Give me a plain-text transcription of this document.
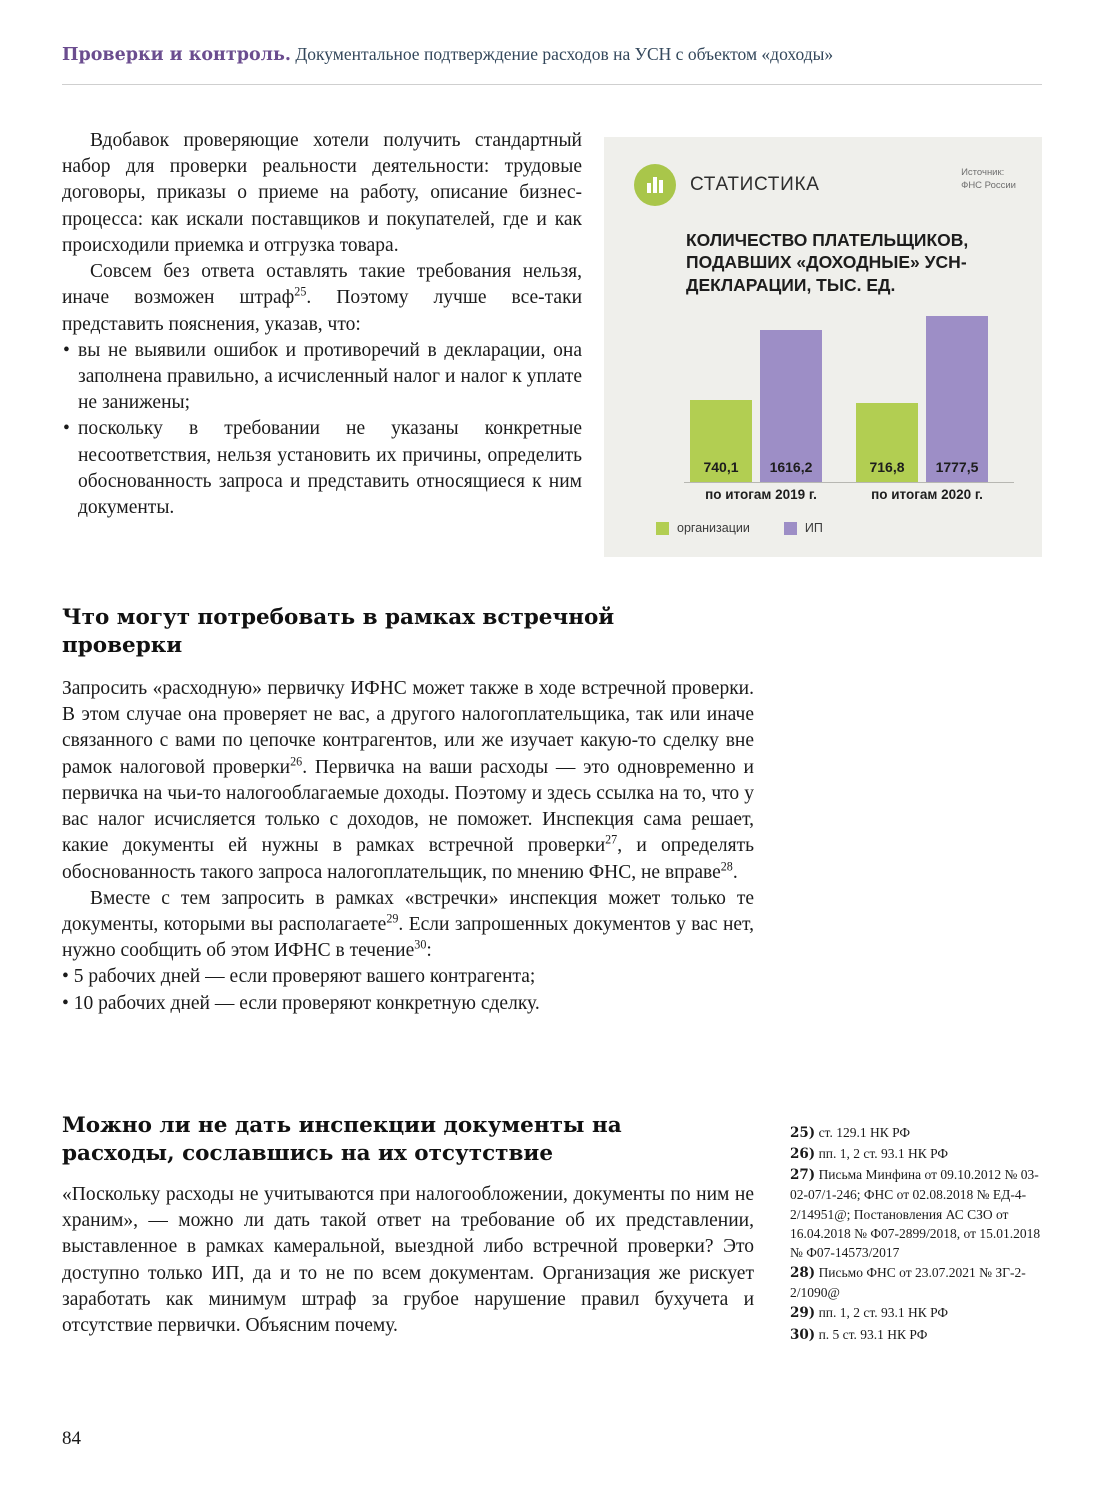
Проверки и контроль. Документальное подтверждение расходов на УСН с объектом «доходы»

Вдобавок проверяющие хотели получить стандартный набор для проверки реальности деятельности: трудовые договоры, приказы о приеме на работу, описание бизнес-процесса: как искали поставщиков и покупателей, где и как происходили приемка и отгрузка товара.

Совсем без ответа оставлять такие требования нельзя, иначе возможен штраф$^{25}$. Поэтому лучше все-таки представить пояснения, указав, что:

• вы не выявили ошибок и противоречий в декларации, она заполнена правильно, а исчисленный налог и налог к уплате не занижены;
• поскольку в требовании не указаны конкретные несоответствия, нельзя установить их причины, определить обоснованность запроса и представить относящиеся к ним документы.
СТАТИСТИКА
Источник:
ФНС России
КОЛИЧЕСТВО ПЛАТЕЛЬЩИКОВ, ПОДАВШИХ «ДОХОДНЫЕ» УСН-ДЕКЛАРАЦИИ, ТЫС. ЕД.
740,1	1616,2	716,8	1777,5
по итогам 2019 г.	по итогам 2020 г.
организации	ИП
Что могут потребовать в рамках встречной проверки

Запросить «расходную» первичку ИФНС может также в ходе встречной проверки. В этом случае она проверяет не вас, а другого налогоплательщика, так или иначе связанного с вами по цепочке контрагентов, или же изучает какую-то сделку вне рамок налоговой проверки$^{26}$. Первичка на ваши расходы — это одновременно и первичка на чьи-то налогооблагаемые доходы. Поэтому и здесь ссылка на то, что у вас налог исчисляется только с доходов, не поможет. Инспекция сама решает, какие документы ей нужны в рамках встречной проверки$^{27}$, и определять обоснованность такого запроса налогоплательщик, по мнению ФНС, не вправе$^{28}$.

Вместе с тем запросить в рамках «встречки» инспекция может только те документы, которыми вы располагаете$^{29}$. Если запрошенных документов у вас нет, нужно сообщить об этом ИФНС в течение$^{30}$:

• 5 рабочих дней — если проверяют вашего контрагента;

• 10 рабочих дней — если проверяют конкретную сделку.

Можно ли не дать инспекции документы на расходы, сославшись на их отсутствие

«Поскольку расходы не учитываются при налогообложении, документы по ним не храним», — можно ли дать такой ответ на требование об их представлении, выставленное в рамках камеральной, выездной либо встречной проверки? Это доступно только ИП, да и то не по всем документам. Организация же рискует заработать как минимум штраф за грубое нарушение правил бухучета и отсутствие первички. Объясним почему.

25) ст. 129.1 НК РФ
26) пп. 1, 2 ст. 93.1 НК РФ
27) Письма Минфина от 09.10.2012 № 03-02-07/1-246; ФНС от 02.08.2018 № ЕД-4-2/14951@; Постановления АС СЗО от 16.04.2018 № Ф07-2899/2018, от 15.01.2018 № Ф07-14573/2017
28) Письмо ФНС от 23.07.2021 № ЗГ-2-2/1090@
29) пп. 1, 2 ст. 93.1 НК РФ
30) п. 5 ст. 93.1 НК РФ
84
